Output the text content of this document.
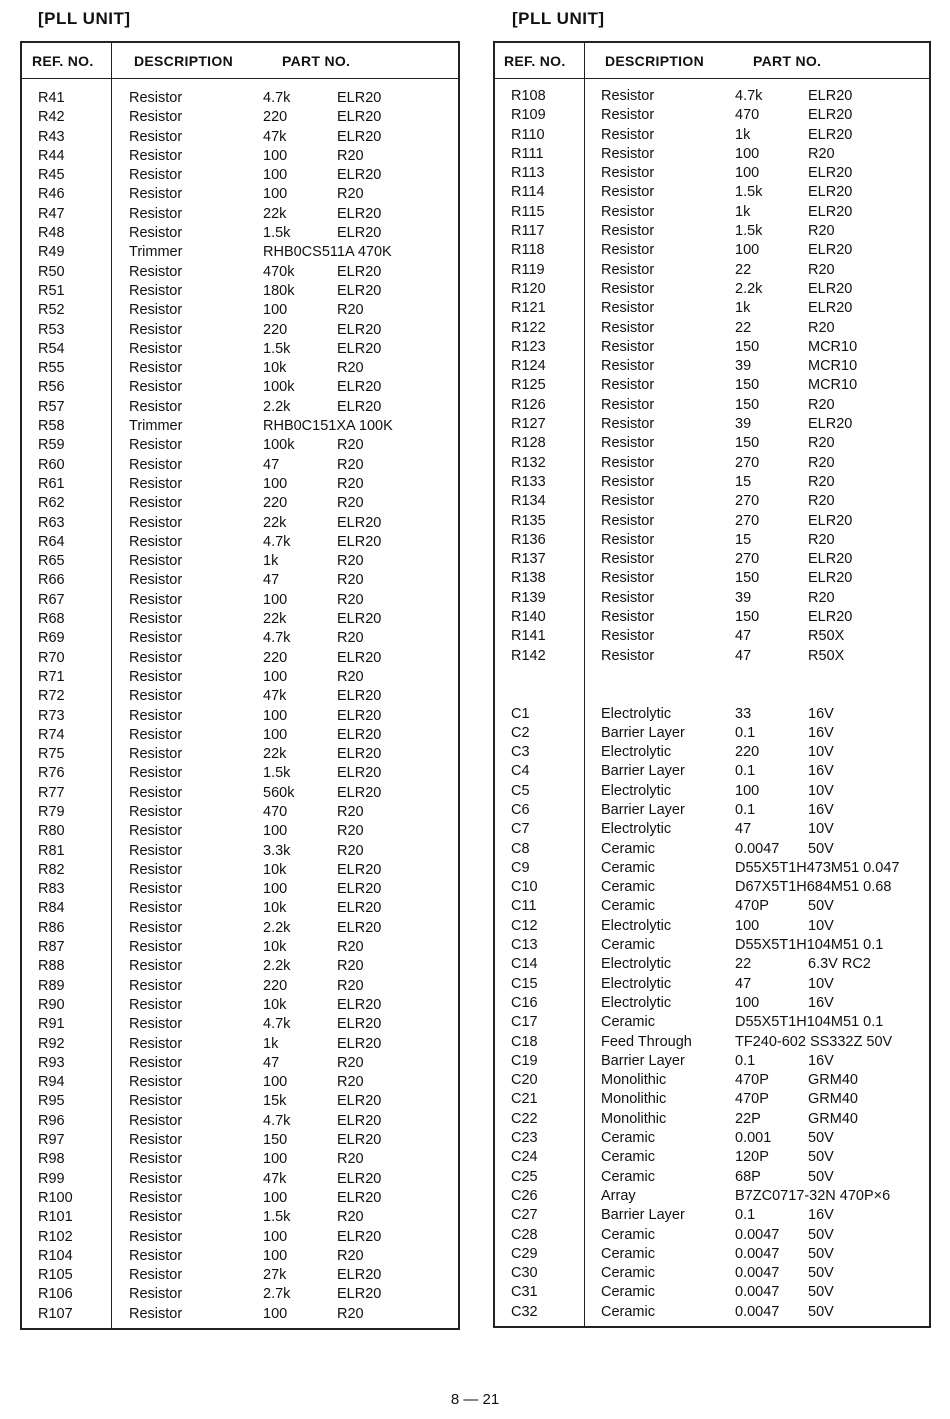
[PLL UNIT]
REF. NO.	DESCRIPTION	PART NO.
R41	Resistor	4.7k	ELR20
R42	Resistor	220	ELR20
R43	Resistor	47k	ELR20
R44	Resistor	100	R20
R45	Resistor	100	ELR20
R46	Resistor	100	R20
R47	Resistor	22k	ELR20
R48	Resistor	1.5k	ELR20
R49	Trimmer	RHB0CS511A 470K
R50	Resistor	470k	ELR20
R51	Resistor	180k	ELR20
R52	Resistor	100	R20
R53	Resistor	220	ELR20
R54	Resistor	1.5k	ELR20
R55	Resistor	10k	R20
R56	Resistor	100k	ELR20
R57	Resistor	2.2k	ELR20
R58	Trimmer	RHB0C151XA 100K
R59	Resistor	100k	R20
R60	Resistor	47	R20
R61	Resistor	100	R20
R62	Resistor	220	R20
R63	Resistor	22k	ELR20
R64	Resistor	4.7k	ELR20
R65	Resistor	1k	R20
R66	Resistor	47	R20
R67	Resistor	100	R20
R68	Resistor	22k	ELR20
R69	Resistor	4.7k	R20
R70	Resistor	220	ELR20
R71	Resistor	100	R20
R72	Resistor	47k	ELR20
R73	Resistor	100	ELR20
R74	Resistor	100	ELR20
R75	Resistor	22k	ELR20
R76	Resistor	1.5k	ELR20
R77	Resistor	560k	ELR20
R79	Resistor	470	R20
R80	Resistor	100	R20
R81	Resistor	3.3k	R20
R82	Resistor	10k	ELR20
R83	Resistor	100	ELR20
R84	Resistor	10k	ELR20
R86	Resistor	2.2k	ELR20
R87	Resistor	10k	R20
R88	Resistor	2.2k	R20
R89	Resistor	220	R20
R90	Resistor	10k	ELR20
R91	Resistor	4.7k	ELR20
R92	Resistor	1k	ELR20
R93	Resistor	47	R20
R94	Resistor	100	R20
R95	Resistor	15k	ELR20
R96	Resistor	4.7k	ELR20
R97	Resistor	150	ELR20
R98	Resistor	100	R20
R99	Resistor	47k	ELR20
R100	Resistor	100	ELR20
R101	Resistor	1.5k	R20
R102	Resistor	100	ELR20
R104	Resistor	100	R20
R105	Resistor	27k	ELR20
R106	Resistor	2.7k	ELR20
R107	Resistor	100	R20
[PLL UNIT]
REF. NO.	DESCRIPTION	PART NO.
R108	Resistor	4.7k	ELR20
R109	Resistor	470	ELR20
R110	Resistor	1k	ELR20
R111	Resistor	100	R20
R113	Resistor	100	ELR20
R114	Resistor	1.5k	ELR20
R115	Resistor	1k	ELR20
R117	Resistor	1.5k	R20
R118	Resistor	100	ELR20
R119	Resistor	22	R20
R120	Resistor	2.2k	ELR20
R121	Resistor	1k	ELR20
R122	Resistor	22	R20
R123	Resistor	150	MCR10
R124	Resistor	39	MCR10
R125	Resistor	150	MCR10
R126	Resistor	150	R20
R127	Resistor	39	ELR20
R128	Resistor	150	R20
R132	Resistor	270	R20
R133	Resistor	15	R20
R134	Resistor	270	R20
R135	Resistor	270	ELR20
R136	Resistor	15	R20
R137	Resistor	270	ELR20
R138	Resistor	150	ELR20
R139	Resistor	39	R20
R140	Resistor	150	ELR20
R141	Resistor	47	R50X
R142	Resistor	47	R50X
C1	Electrolytic	33	16V
C2	Barrier Layer	0.1	16V
C3	Electrolytic	220	10V
C4	Barrier Layer	0.1	16V
C5	Electrolytic	100	10V
C6	Barrier Layer	0.1	16V
C7	Electrolytic	47	10V
C8	Ceramic	0.0047 50V
C9	Ceramic	D55X5T1H473M51 0.047
C10	Ceramic	D67X5T1H684M51 0.68
C11	Ceramic	470P	50V
C12	Electrolytic	100	10V
C13	Ceramic	D55X5T1H104M51 0.1
C14	Electrolytic	22	6.3V RC2
C15	Electrolytic	47	10V
C16	Electrolytic	100	16V
C17	Ceramic	D55X5T1H104M51 0.1
C18	Feed Through	TF240-602 SS332Z 50V
C19	Barrier Layer	0.1	16V
C20	Monolithic	470P	GRM40
C21	Monolithic	470P	GRM40
C22	Monolithic	22P	GRM40
C23	Ceramic	0.001	50V
C24	Ceramic	120P	50V
C25	Ceramic	68P	50V
C26	Array	B7ZC0717-32N 470P×6
C27	Barrier Layer	0.1	16V
C28	Ceramic	0.0047 50V
C29	Ceramic	0.0047 50V
C30	Ceramic	0.0047 50V
C31	Ceramic	0.0047 50V
C32	Ceramic	0.0047 50V
8 — 21
